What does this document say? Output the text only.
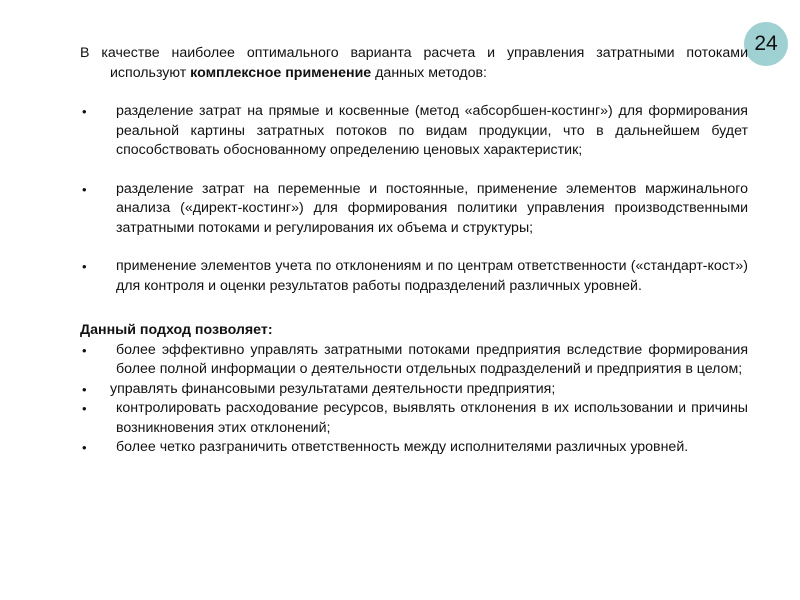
24

В качестве наиболее оптимального варианта расчета и управления затратными потоками используют комплексное применение данных методов:

•	разделение затрат на прямые и косвенные (метод «абсорбшен-костинг») для формирования реальной картины затратных потоков по видам продукции, что в дальнейшем будет способствовать обоснованному определению ценовых характеристик;

•	разделение затрат на переменные и постоянные, применение элементов маржинального анализа («директ-костинг») для формирования политики управления производственными затратными потоками и регулирования их объема и структуры;

•	применение элементов учета по отклонениям и по центрам ответственности («стандарт-кост») для контроля и оценки результатов работы подразделений различных уровней.

Данный подход позволяет:

•	более эффективно управлять затратными потоками предприятия вследствие формирования более полной информации о деятельности отдельных подразделений и предприятия в целом;

• управлять финансовыми результатами деятельности предприятия;

•	контролировать расходование ресурсов, выявлять отклонения в их использовании и причины возникновения этих отклонений;

•	более четко разграничить ответственность между исполнителями различных уровней.
